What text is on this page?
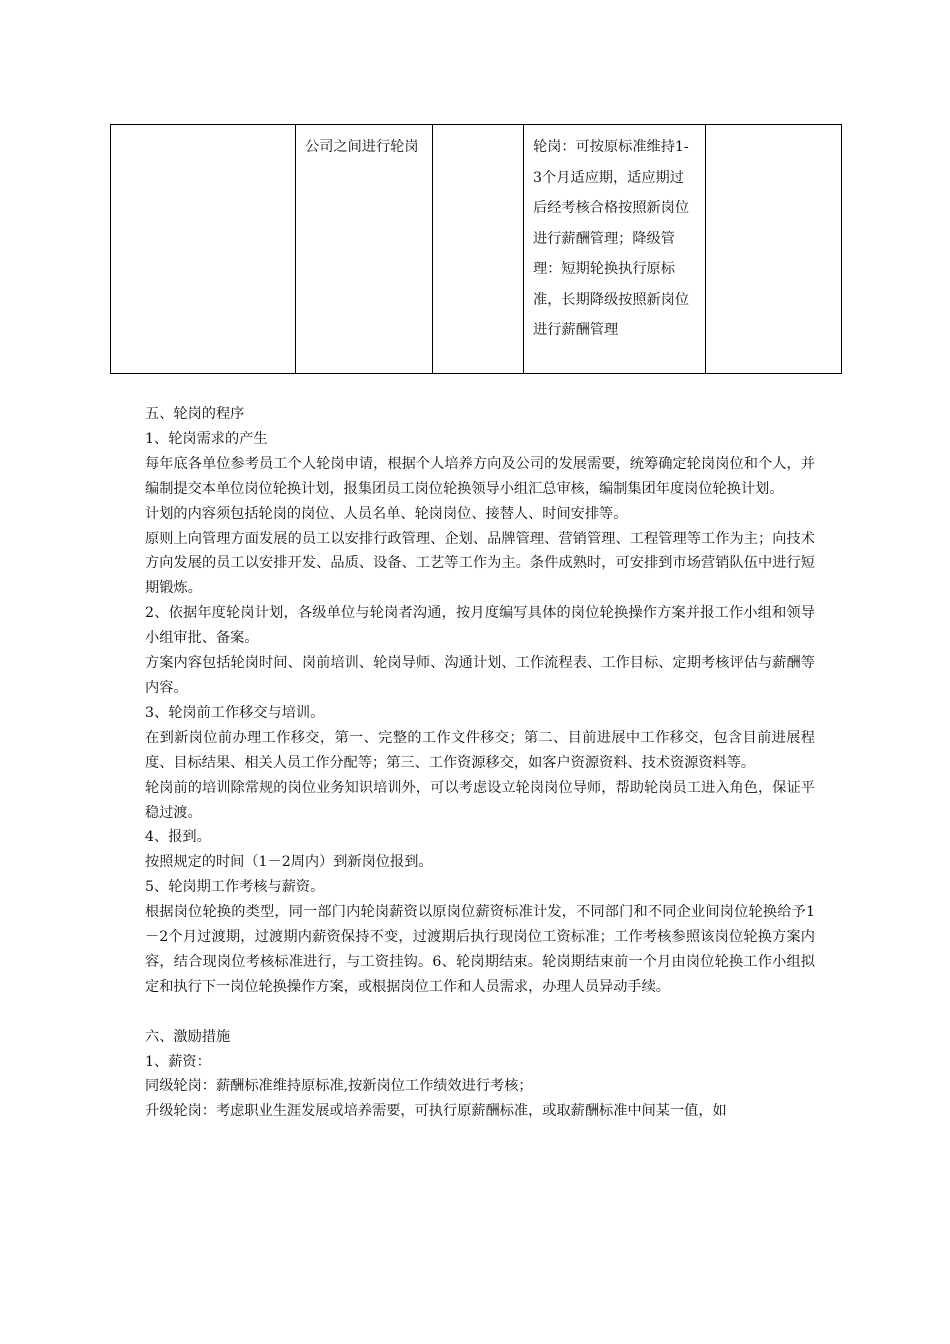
	公司之间进行轮岗		轮岗：可按原标准维持1-3个月适应期，适应期过后经考核合格按照新岗位进行薪酬管理；降级管理：短期轮换执行原标准，长期降级按照新岗位进行薪酬管理	

五、轮岗的程序

1、轮岗需求的产生

每年底各单位参考员工个人轮岗申请，根据个人培养方向及公司的发展需要，统筹确定轮岗岗位和个人，并编制提交本单位岗位轮换计划，报集团员工岗位轮换领导小组汇总审核，编制集团年度岗位轮换计划。

计划的内容须包括轮岗的岗位、人员名单、轮岗岗位、接替人、时间安排等。

原则上向管理方面发展的员工以安排行政管理、企划、品牌管理、营销管理、工程管理等工作为主；向技术方向发展的员工以安排开发、品质、设备、工艺等工作为主。条件成熟时，可安排到市场营销队伍中进行短期锻炼。

2、依据年度轮岗计划，各级单位与轮岗者沟通，按月度编写具体的岗位轮换操作方案并报工作小组和领导小组审批、备案。

方案内容包括轮岗时间、岗前培训、轮岗导师、沟通计划、工作流程表、工作目标、定期考核评估与薪酬等内容。

3、轮岗前工作移交与培训。

在到新岗位前办理工作移交，第一、完整的工作文件移交；第二、目前进展中工作移交，包含目前进展程度、目标结果、相关人员工作分配等；第三、工作资源移交，如客户资源资料、技术资源资料等。

轮岗前的培训除常规的岗位业务知识培训外，可以考虑设立轮岗岗位导师，帮助轮岗员工进入角色，保证平稳过渡。

4、报到。

按照规定的时间（1－2周内）到新岗位报到。

5、轮岗期工作考核与薪资。

根据岗位轮换的类型，同一部门内轮岗薪资以原岗位薪资标准计发，不同部门和不同企业间岗位轮换给予1－2个月过渡期，过渡期内薪资保持不变，过渡期后执行现岗位工资标准；工作考核参照该岗位轮换方案内容，结合现岗位考核标准进行，与工资挂钩。6、轮岗期结束。轮岗期结束前一个月由岗位轮换工作小组拟定和执行下一岗位轮换操作方案，或根据岗位工作和人员需求，办理人员异动手续。

六、激励措施

1、薪资：

同级轮岗：薪酬标准维持原标准,按新岗位工作绩效进行考核；

升级轮岗：考虑职业生涯发展或培养需要，可执行原薪酬标准，或取薪酬标准中间某一值，如
